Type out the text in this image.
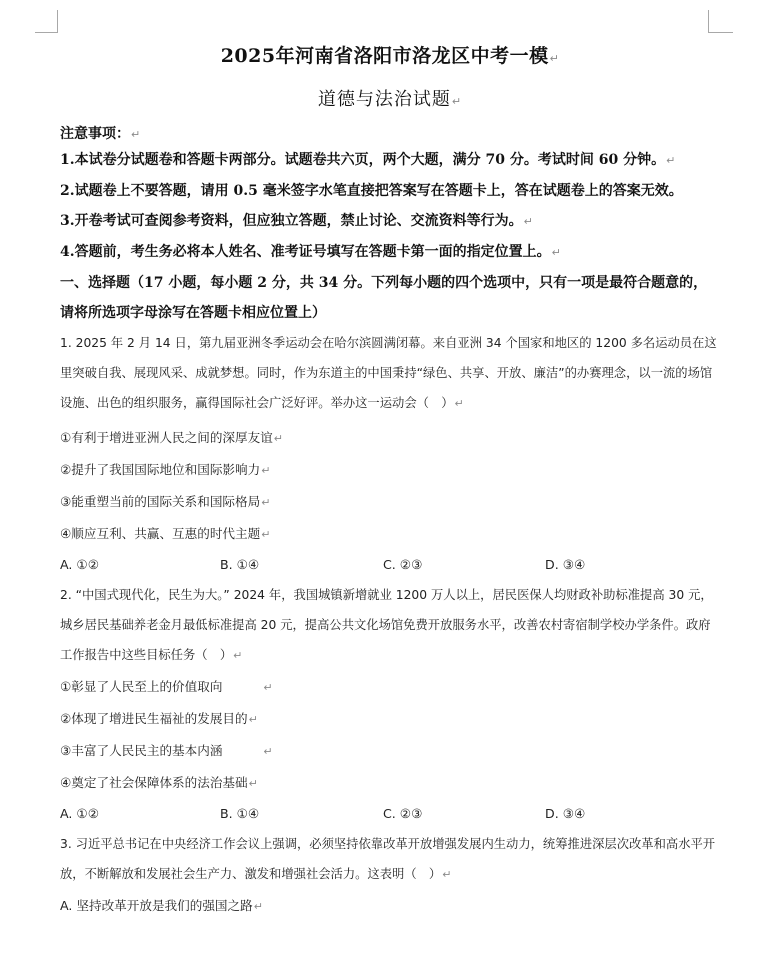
2025年河南省洛阳市洛龙区中考一模↵
道德与法治试题↵
注意事项：↵
1.本试卷分试题卷和答题卡两部分。试题卷共六页，两个大题，满分 70 分。考试时间 60 分钟。↵
2.试题卷上不要答题，请用 0.5 毫米签字水笔直接把答案写在答题卡上，答在试题卷上的答案无效。
3.开卷考试可查阅参考资料，但应独立答题，禁止讨论、交流资料等行为。↵
4.答题前，考生务必将本人姓名、准考证号填写在答题卡第一面的指定位置上。↵
一、选择题（17 小题，每小题 2 分，共 34 分。下列每小题的四个选项中，只有一项是最符合题意的，请将所选项字母涂写在答题卡相应位置上）
1. 2025 年 2 月 14 日，第九届亚洲冬季运动会在哈尔滨圆满闭幕。来自亚洲 34 个国家和地区的 1200 多名运动员在这里突破自我、展现风采、成就梦想。同时，作为东道主的中国秉持“绿色、共享、开放、廉洁”的办赛理念，以一流的场馆设施、出色的组织服务，赢得国际社会广泛好评。举办这一运动会（　）↵
①有利于增进亚洲人民之间的深厚友谊↵
②提升了我国国际地位和国际影响力↵
③能重塑当前的国际关系和国际格局↵
④顺应互利、共赢、互惠的时代主题↵
A. ①②	B. ①④	C. ②③	D. ③④
2. “中国式现代化，民生为大。” 2024 年，我国城镇新增就业 1200 万人以上，居民医保人均财政补助标准提高 30 元，城乡居民基础养老金月最低标准提高 20 元，提高公共文化场馆免费开放服务水平，改善农村寄宿制学校办学条件。政府工作报告中这些目标任务（　）↵
①彰显了人民至上的价值取向	↵
②体现了增进民生福祉的发展目的↵
③丰富了人民民主的基本内涵	↵
④奠定了社会保障体系的法治基础↵
A. ①②	B. ①④	C. ②③	D. ③④
3. 习近平总书记在中央经济工作会议上强调，必须坚持依靠改革开放增强发展内生动力，统筹推进深层次改革和高水平开放，不断解放和发展社会生产力、激发和增强社会活力。这表明（　）↵
A. 坚持改革开放是我们的强国之路↵
